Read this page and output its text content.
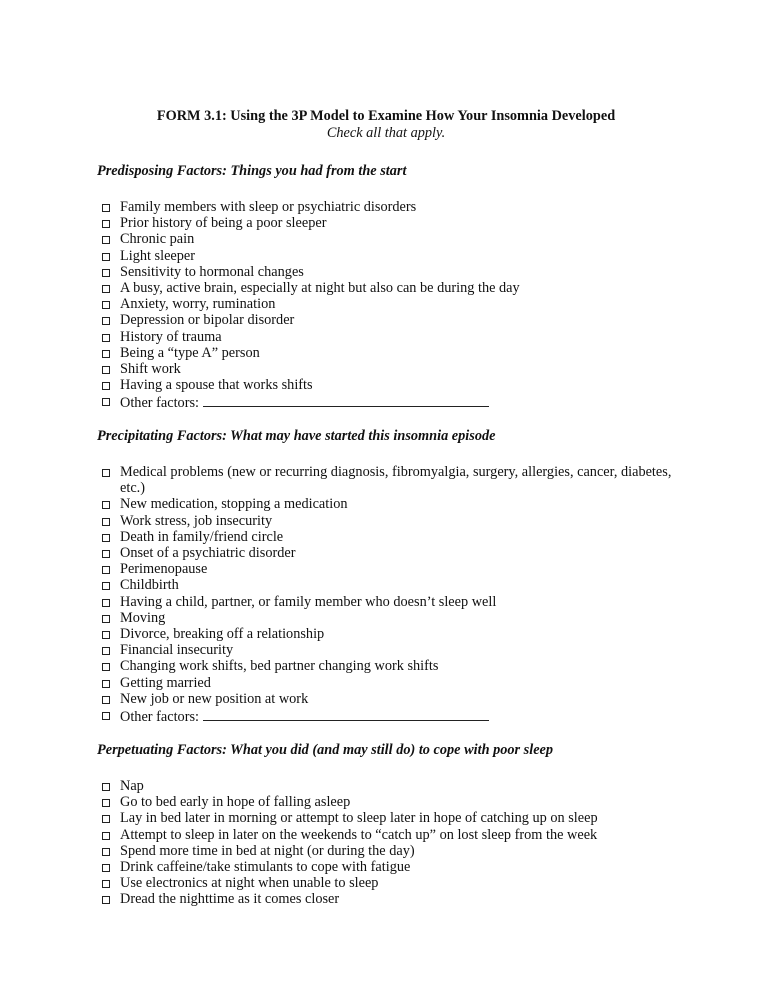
FORM 3.1: Using the 3P Model to Examine How Your Insomnia Developed
Check all that apply.

Predisposing Factors: Things you had from the start

Family members with sleep or psychiatric disorders
Prior history of being a poor sleeper
Chronic pain
Light sleeper
Sensitivity to hormonal changes
A busy, active brain, especially at night but also can be during the day
Anxiety, worry, rumination
Depression or bipolar disorder
History of trauma
Being a “type A” person
Shift work
Having a spouse that works shifts
Other factors:

Precipitating Factors: What may have started this insomnia episode

Medical problems (new or recurring diagnosis, fibromyalgia, surgery, allergies, cancer, diabetes, etc.)
New medication, stopping a medication
Work stress, job insecurity
Death in family/friend circle
Onset of a psychiatric disorder
Perimenopause
Childbirth
Having a child, partner, or family member who doesn’t sleep well
Moving
Divorce, breaking off a relationship
Financial insecurity
Changing work shifts, bed partner changing work shifts
Getting married
New job or new position at work
Other factors:

Perpetuating Factors: What you did (and may still do) to cope with poor sleep

Nap
Go to bed early in hope of falling asleep
Lay in bed later in morning or attempt to sleep later in hope of catching up on sleep
Attempt to sleep in later on the weekends to “catch up” on lost sleep from the week
Spend more time in bed at night (or during the day)
Drink caffeine/take stimulants to cope with fatigue
Use electronics at night when unable to sleep
Dread the nighttime as it comes closer
